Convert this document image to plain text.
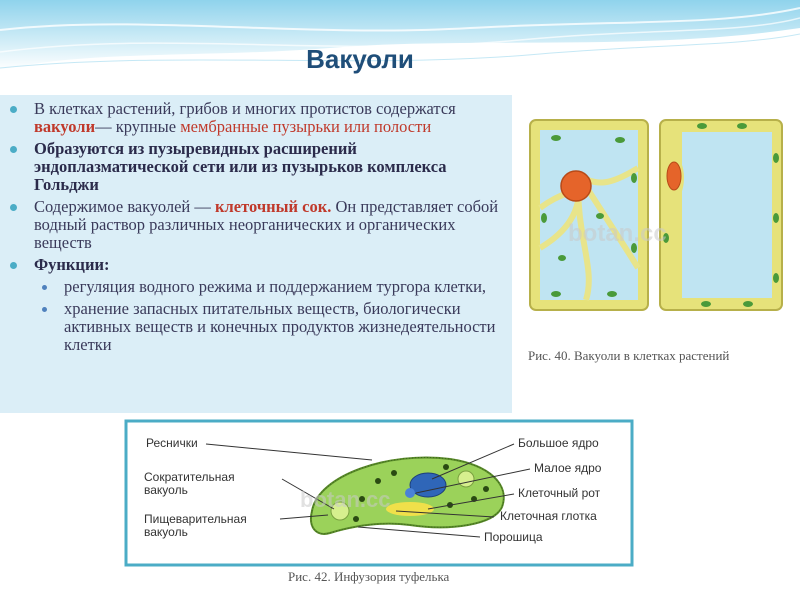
Вакуоли
В клетках растений, грибов и многих протистов содержатся вакуоли— крупные мембранные пузырьки или полости
Образуются из пузыревидных расширений эндоплазматической сети или из пузырьков комплекса Гольджи
Содержимое вакуолей — клеточный сок. Он представляет собой водный раствор различных неорганических и органических веществ
Функции:
регуляция водного режима и поддержанием тургора клетки,
хранение запасных питательных веществ, биологически активных веществ и конечных продуктов жизнедеятельности клетки
botan.cc
Рис. 40. Вакуоли в клетках растений
Реснички
Сократительная вакуоль
Пищеварительная вакуоль
Большое ядро
Малое ядро
Клеточный рот
Клеточная глотка
Порошица
botan.cc
Рис. 42. Инфузория туфелька
